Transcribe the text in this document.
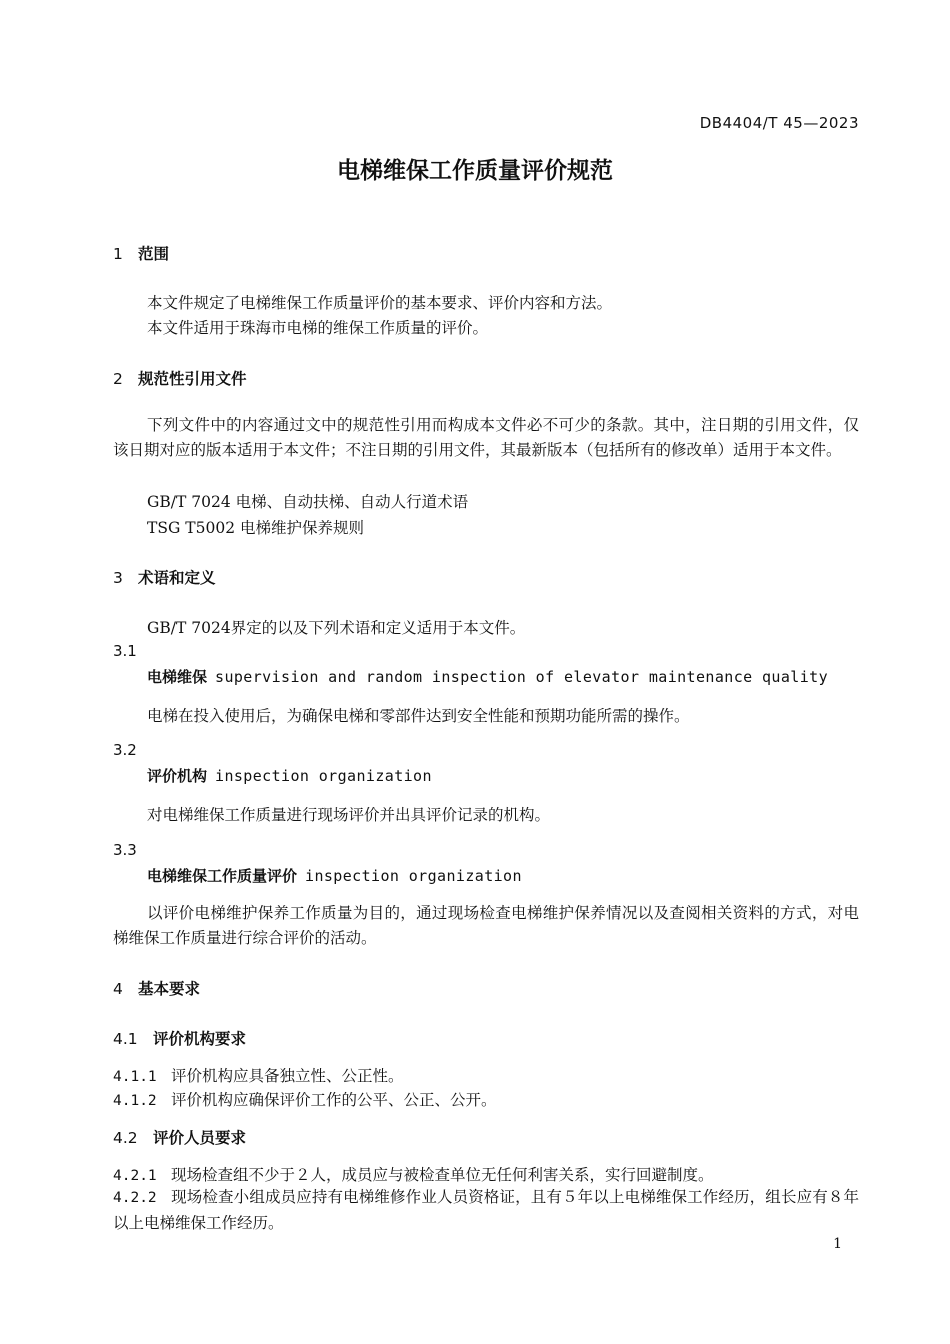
DB4404/T 45—2023
电梯维保工作质量评价规范
1 范围
本文件规定了电梯维保工作质量评价的基本要求、评价内容和方法。
本文件适用于珠海市电梯的维保工作质量的评价。
2 规范性引用文件
下列文件中的内容通过文中的规范性引用而构成本文件必不可少的条款。其中，注日期的引用文件，仅该日期对应的版本适用于本文件；不注日期的引用文件，其最新版本（包括所有的修改单）适用于本文件。
GB/T 7024 电梯、自动扶梯、自动人行道术语
TSG T5002 电梯维护保养规则
3 术语和定义
GB/T 7024界定的以及下列术语和定义适用于本文件。
3.1
电梯维保 supervision and random inspection of elevator maintenance quality
电梯在投入使用后，为确保电梯和零部件达到安全性能和预期功能所需的操作。
3.2
评价机构 inspection organization
对电梯维保工作质量进行现场评价并出具评价记录的机构。
3.3
电梯维保工作质量评价 inspection organization
以评价电梯维护保养工作质量为目的，通过现场检查电梯维护保养情况以及查阅相关资料的方式，对电梯维保工作质量进行综合评价的活动。
4 基本要求
4.1 评价机构要求
4.1.1 评价机构应具备独立性、公正性。
4.1.2 评价机构应确保评价工作的公平、公正、公开。
4.2 评价人员要求
4.2.1 现场检查组不少于２人，成员应与被检查单位无任何利害关系，实行回避制度。
4.2.2 现场检查小组成员应持有电梯维修作业人员资格证，且有５年以上电梯维保工作经历，组长应有８年以上电梯维保工作经历。
1
